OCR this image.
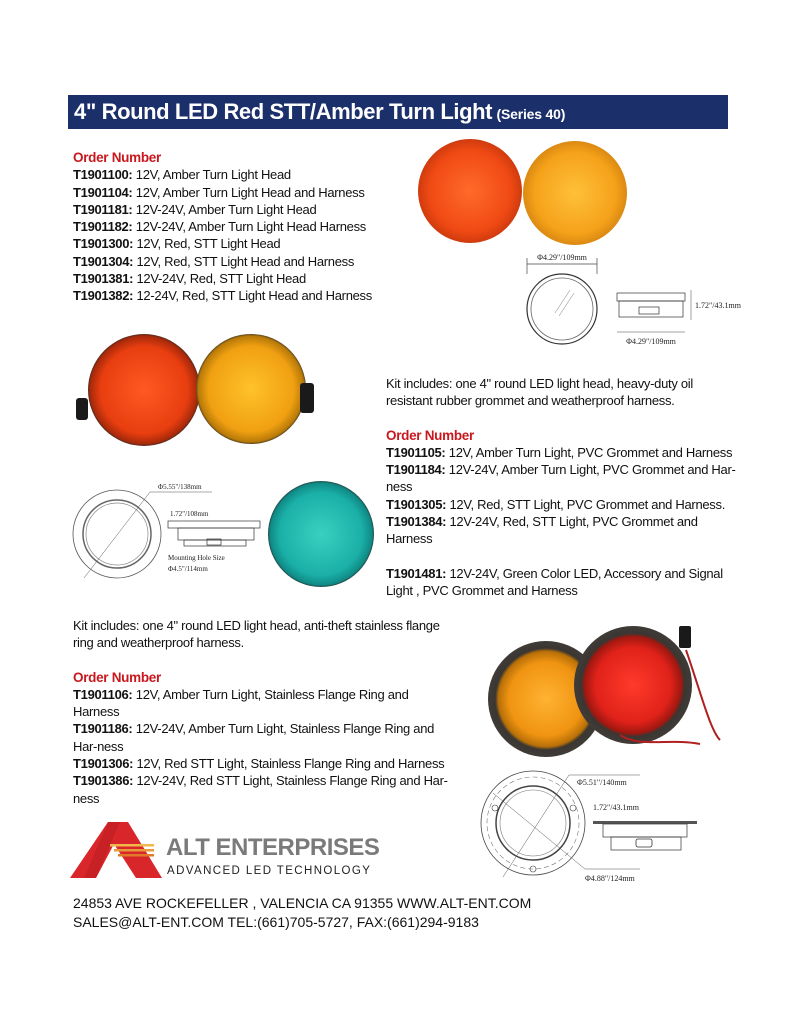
4" Round LED Red STT/Amber Turn Light (Series 40)
Order Number
T1901100: 12V, Amber Turn Light Head
T1901104: 12V, Amber Turn Light Head and Harness
T1901181: 12V-24V, Amber Turn Light Head
T1901182: 12V-24V, Amber Turn Light Head Harness
T1901300: 12V, Red, STT Light Head
T1901304: 12V, Red, STT Light Head and Harness
T1901381: 12V-24V, Red, STT Light Head
T1901382: 12-24V, Red, STT Light Head and Harness
Φ4.29"/109mm
1.72"/43.1mm
Φ4.29"/109mm
Kit includes: one 4" round LED light head, heavy-duty oil resistant rubber grommet and weatherproof harness.
Order Number
T1901105: 12V, Amber Turn Light, PVC Grommet and Harness
T1901184: 12V-24V, Amber Turn Light, PVC Grommet and Har-ness
T1901305: 12V, Red, STT Light, PVC Grommet and Harness.
T1901384: 12V-24V, Red, STT Light, PVC Grommet and Harness
T1901481: 12V-24V, Green Color LED, Accessory and Signal Light , PVC Grommet and Harness
Φ5.55"/138mm
1.72"/108mm
Mounting Hole Size
Φ4.5"/114mm
Kit includes: one 4" round LED light head, anti-theft stainless flange ring and weatherproof harness.
Order Number
T1901106: 12V, Amber Turn Light, Stainless Flange Ring and Harness
T1901186: 12V-24V, Amber Turn Light, Stainless Flange Ring and Har-ness
T1901306: 12V, Red STT Light, Stainless Flange Ring and Harness
T1901386: 12V-24V, Red STT Light, Stainless Flange Ring and Har-ness
Φ5.51"/140mm
1.72"/43.1mm
Φ4.88"/124mm
ALT ENTERPRISES
ADVANCED LED TECHNOLOGY
24853 AVE ROCKEFELLER , VALENCIA CA 91355 WWW.ALT-ENT.COM
SALES@ALT-ENT.COM TEL:(661)705-5727, FAX:(661)294-9183
